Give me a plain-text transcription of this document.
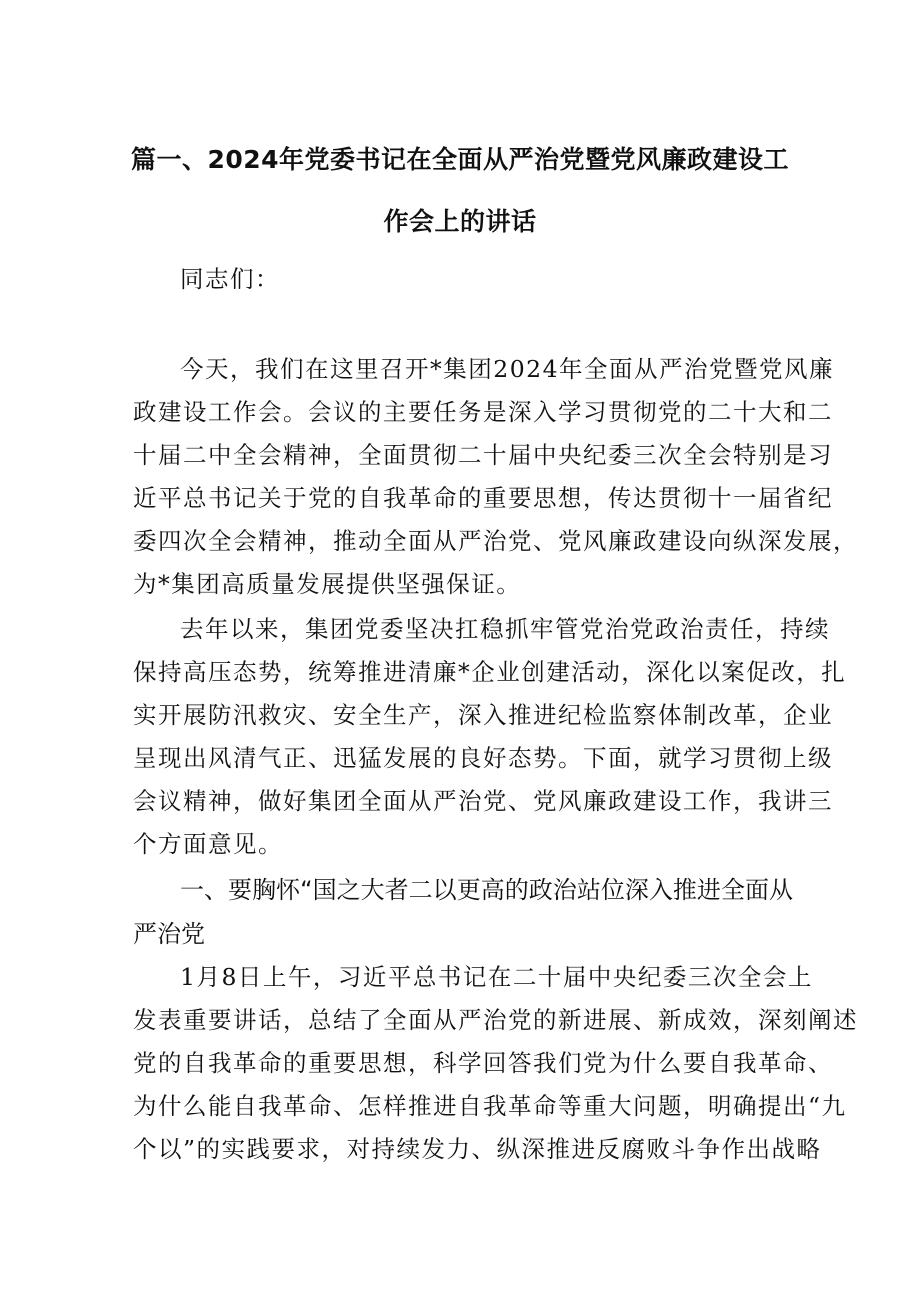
篇一、2024年党委书记在全面从严治党暨党风廉政建设工
作会上的讲话
同志们：
今天，我们在这里召开*集团2024年全面从严治党暨党风廉
政建设工作会。会议的主要任务是深入学习贯彻党的二十大和二
十届二中全会精神，全面贯彻二十届中央纪委三次全会特别是习
近平总书记关于党的自我革命的重要思想，传达贯彻十一届省纪
委四次全会精神，推动全面从严治党、党风廉政建设向纵深发展，
为*集团高质量发展提供坚强保证。
去年以来，集团党委坚决扛稳抓牢管党治党政治责任，持续
保持高压态势，统筹推进清廉*企业创建活动，深化以案促改，扎
实开展防汛救灾、安全生产，深入推进纪检监察体制改革，企业
呈现出风清气正、迅猛发展的良好态势。下面，就学习贯彻上级
会议精神，做好集团全面从严治党、党风廉政建设工作，我讲三
个方面意见。
一、要胸怀“国之大者二以更高的政治站位深入推进全面从
严治党
1月8日上午，习近平总书记在二十届中央纪委三次全会上
发表重要讲话，总结了全面从严治党的新进展、新成效，深刻阐述
党的自我革命的重要思想，科学回答我们党为什么要自我革命、
为什么能自我革命、怎样推进自我革命等重大问题，明确提出“九
个以”的实践要求，对持续发力、纵深推进反腐败斗争作出战略
